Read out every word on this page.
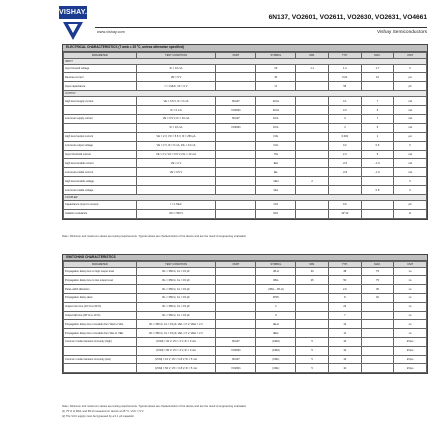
VISHAY.
6N137, VO2601, VO2611, VO2630, VO2631, VO4661
www.vishay.com	Vishay Semiconductors
ELECTRICAL CHARACTERISTICS (T amb = 25 °C, unless otherwise specified)
PARAMETER	TEST CONDITION	PART	SYMBOL	MIN.	TYP.	MAX.	UNIT
INPUT							
Input forward voltage	IF = 10 mA		VF	1.1	1.4	1.7	V
Reverse current	VR = 5 V		IR		0.01	10	µA
Input capacitance	f = 1 MHz, VF = 0 V		CI		55		pF
OUTPUT							
High level supply current	VE = 0.5 V, IF = 0 mA	6N137	ICCH		4.1	7	mA
	IF = 0 mA	VO2601	ICCH		3.3	6	mA
Low level supply current	VE = 0.5 V, IF = 10 mA	6N137	ICCL		4	7	mA
	IF = 10 mA	VO2601	ICCL		4	6	mA
High level output current	VE = 2 V, VO = 5.5 V, IF = 250 µA		IOH		0.002	1	µA
Low level output voltage	VE = 2 V, IF = 5 mA, IOL = 13 mA		VOL		0.2	0.6	V
Input threshold current	VE = 2 V, VO = 5.5 V, IOL = 13 mA		ITH		2.4	5	mA
High level enable current	VE = 2 V		IEH		-0.6	-1.6	mA
Low level enable current	VE = 0.5 V		IEL		-0.8	-1.6	mA
High level enable voltage			VEH	2			V
Low level enable voltage			VEL			0.8	V
COUPLER							
Capacitance (input to output)	f = 1 MHz		CIO		0.6		pF
Isolation resistance	VIO = 500 V		RIO		10^12		Ω
Note • Minimum and maximum values are testing requirements. Typical values are characteristics of the device and are the result of engineering evaluation.
SWITCHING CHARACTERISTICS
PARAMETER	TEST CONDITION	PART	SYMBOL	MIN.	TYP.	MAX.	UNIT
Propagation delay time to high output level	RL = 350 Ω, CL = 15 pF		tPLH	20	48	75	ns
Propagation delay time to low output level	RL = 350 Ω, CL = 15 pF		tPHL	25	50	75	ns
Pulse width distortion	RL = 350 Ω, CL = 15 pF		|tPHL - tPLH|		2.9	35	ns
Propagation delay skew	RL = 350 Ω, CL = 15 pF		tPSK		8	40	ns
Output rise time (10 % to 90 %)	RL = 350 Ω, CL = 15 pF		tr		23		ns
Output fall time (90 % to 10 %)	RL = 350 Ω, CL = 15 pF		tf		7		ns
Propagation delay time of enable from VEH to VEL	RL = 350 Ω, CL = 15 pF, VEL = 0 V, VEH = 3 V		tELH		12		ns
Propagation delay time of enable from VEL to VEH	RL = 350 Ω, CL = 15 pF, VEL = 0 V, VEH = 3 V		tEHL		11		ns
Common mode transient immunity (high)	|VCM| = 10 V, VO > 2 V, IF = 0 mA	6N137	|CMH|	5	10		kV/µs
	|VCM| = 50 V, VO > 2 V, IF = 0 mA	VO2601	|CMH|	5	10		kV/µs
Common mode transient immunity (low)	|VCM| = 10 V, VO < 0.8 V, IF = 5 mA	6N137	|CML|	5	10		kV/µs
	|VCM| = 50 V, VO < 0.8 V, IF = 5 mA	VO2601	|CML|	5	10		kV/µs
Note • Minimum and maximum values are testing requirements. Typical values are characteristics of the device and are the result of engineering evaluation.
(1) 75 % of tPHL and tPLH measured on device at 25 °C, VCC = 5 V.
(2) The VCC supply must be bypassed by a 0.1 µF capacitor.
